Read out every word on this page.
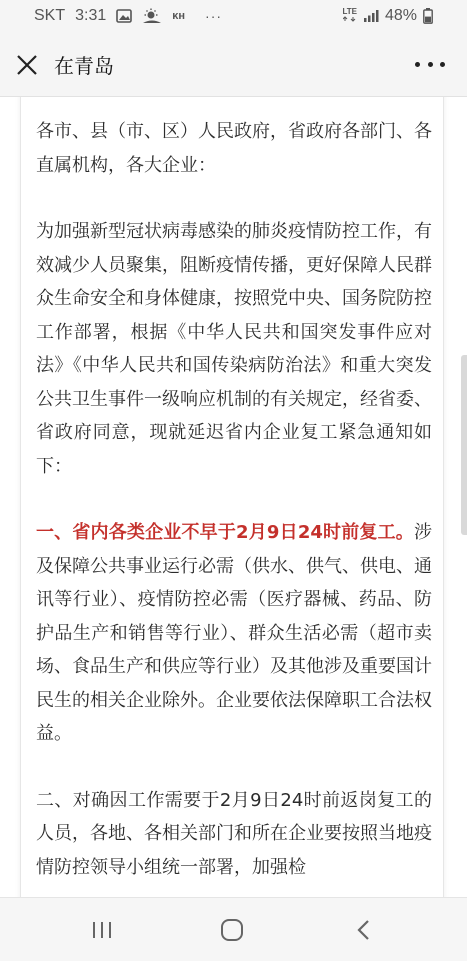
SKT 3:31	ᴋʜ ···	LTE 48%
在青岛

各市、县（市、区）人民政府，省政府各部门、各直属机构，各大企业：

为加强新型冠状病毒感染的肺炎疫情防控工作，有效减少人员聚集，阻断疫情传播，更好保障人民群众生命安全和身体健康，按照党中央、国务院防控工作部署，根据《中华人民共和国突发事件应对法》《中华人民共和国传染病防治法》和重大突发公共卫生事件一级响应机制的有关规定，经省委、省政府同意，现就延迟省内企业复工紧急通知如下：

一、省内各类企业不早于2月9日24时前复工。涉及保障公共事业运行必需（供水、供气、供电、通讯等行业）、疫情防控必需（医疗器械、药品、防护品生产和销售等行业）、群众生活必需（超市卖场、食品生产和供应等行业）及其他涉及重要国计民生的相关企业除外。企业要依法保障职工合法权益。

二、对确因工作需要于2月9日24时前返岗复工的人员，各地、各相关部门和所在企业要按照当地疫情防控领导小组统一部署，加强检
